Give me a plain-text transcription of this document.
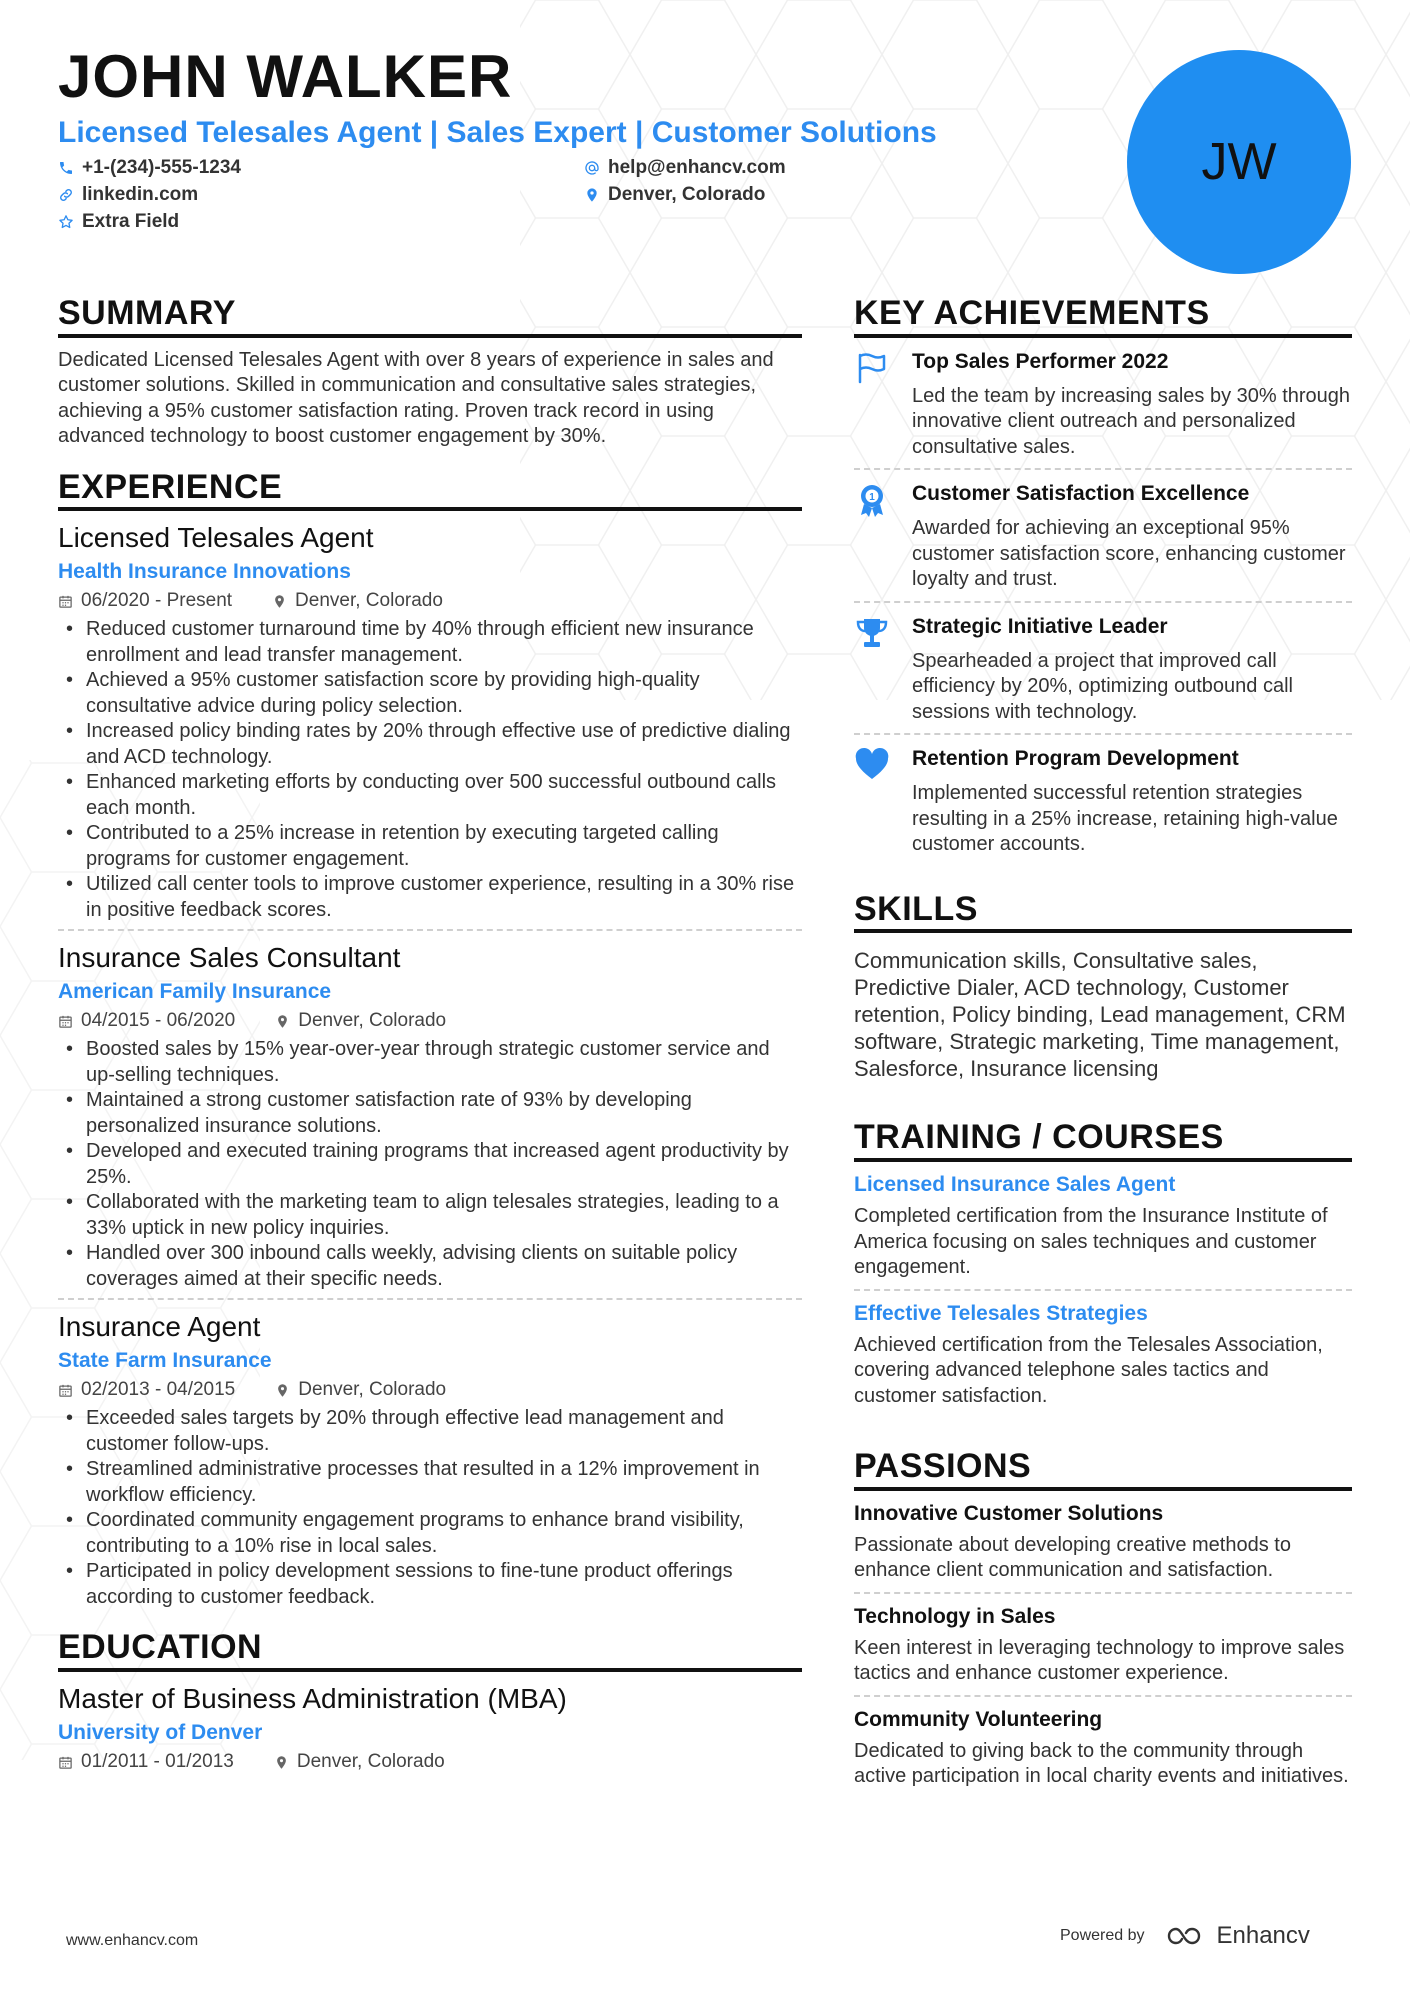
JOHN WALKER
Licensed Telesales Agent | Sales Expert | Customer Solutions
+1-(234)-555-1234	help@enhancv.com
linkedin.com	Denver, Colorado
Extra Field
JW
SUMMARY
Dedicated Licensed Telesales Agent with over 8 years of experience in sales and customer solutions. Skilled in communication and consultative sales strategies, achieving a 95% customer satisfaction rating. Proven track record in using advanced technology to boost customer engagement by 30%.
EXPERIENCE
Licensed Telesales Agent
Health Insurance Innovations
06/2020 - Present	Denver, Colorado
• Reduced customer turnaround time by 40% through efficient new insurance enrollment and lead transfer management.
• Achieved a 95% customer satisfaction score by providing high-quality consultative advice during policy selection.
• Increased policy binding rates by 20% through effective use of predictive dialing and ACD technology.
• Enhanced marketing efforts by conducting over 500 successful outbound calls each month.
• Contributed to a 25% increase in retention by executing targeted calling programs for customer engagement.
• Utilized call center tools to improve customer experience, resulting in a 30% rise in positive feedback scores.
Insurance Sales Consultant
American Family Insurance
04/2015 - 06/2020	Denver, Colorado
• Boosted sales by 15% year-over-year through strategic customer service and up-selling techniques.
• Maintained a strong customer satisfaction rate of 93% by developing personalized insurance solutions.
• Developed and executed training programs that increased agent productivity by 25%.
• Collaborated with the marketing team to align telesales strategies, leading to a 33% uptick in new policy inquiries.
• Handled over 300 inbound calls weekly, advising clients on suitable policy coverages aimed at their specific needs.
Insurance Agent
State Farm Insurance
02/2013 - 04/2015	Denver, Colorado
• Exceeded sales targets by 20% through effective lead management and customer follow-ups.
• Streamlined administrative processes that resulted in a 12% improvement in workflow efficiency.
• Coordinated community engagement programs to enhance brand visibility, contributing to a 10% rise in local sales.
• Participated in policy development sessions to fine-tune product offerings according to customer feedback.
EDUCATION
Master of Business Administration (MBA)
University of Denver
01/2011 - 01/2013	Denver, Colorado
KEY ACHIEVEMENTS
Top Sales Performer 2022
Led the team by increasing sales by 30% through innovative client outreach and personalized consultative sales.
1 Customer Satisfaction Excellence
Awarded for achieving an exceptional 95% customer satisfaction score, enhancing customer loyalty and trust.
Strategic Initiative Leader
Spearheaded a project that improved call efficiency by 20%, optimizing outbound call sessions with technology.
Retention Program Development
Implemented successful retention strategies resulting in a 25% increase, retaining high-value customer accounts.
SKILLS
Communication skills, Consultative sales, Predictive Dialer, ACD technology, Customer retention, Policy binding, Lead management, CRM software, Strategic marketing, Time management, Salesforce, Insurance licensing
TRAINING / COURSES
Licensed Insurance Sales Agent
Completed certification from the Insurance Institute of America focusing on sales techniques and customer engagement.
Effective Telesales Strategies
Achieved certification from the Telesales Association, covering advanced telephone sales tactics and customer satisfaction.
PASSIONS
Innovative Customer Solutions
Passionate about developing creative methods to enhance client communication and satisfaction.
Technology in Sales
Keen interest in leveraging technology to improve sales tactics and enhance customer experience.
Community Volunteering
Dedicated to giving back to the community through active participation in local charity events and initiatives.
www.enhancv.com	Powered by	Enhancv
